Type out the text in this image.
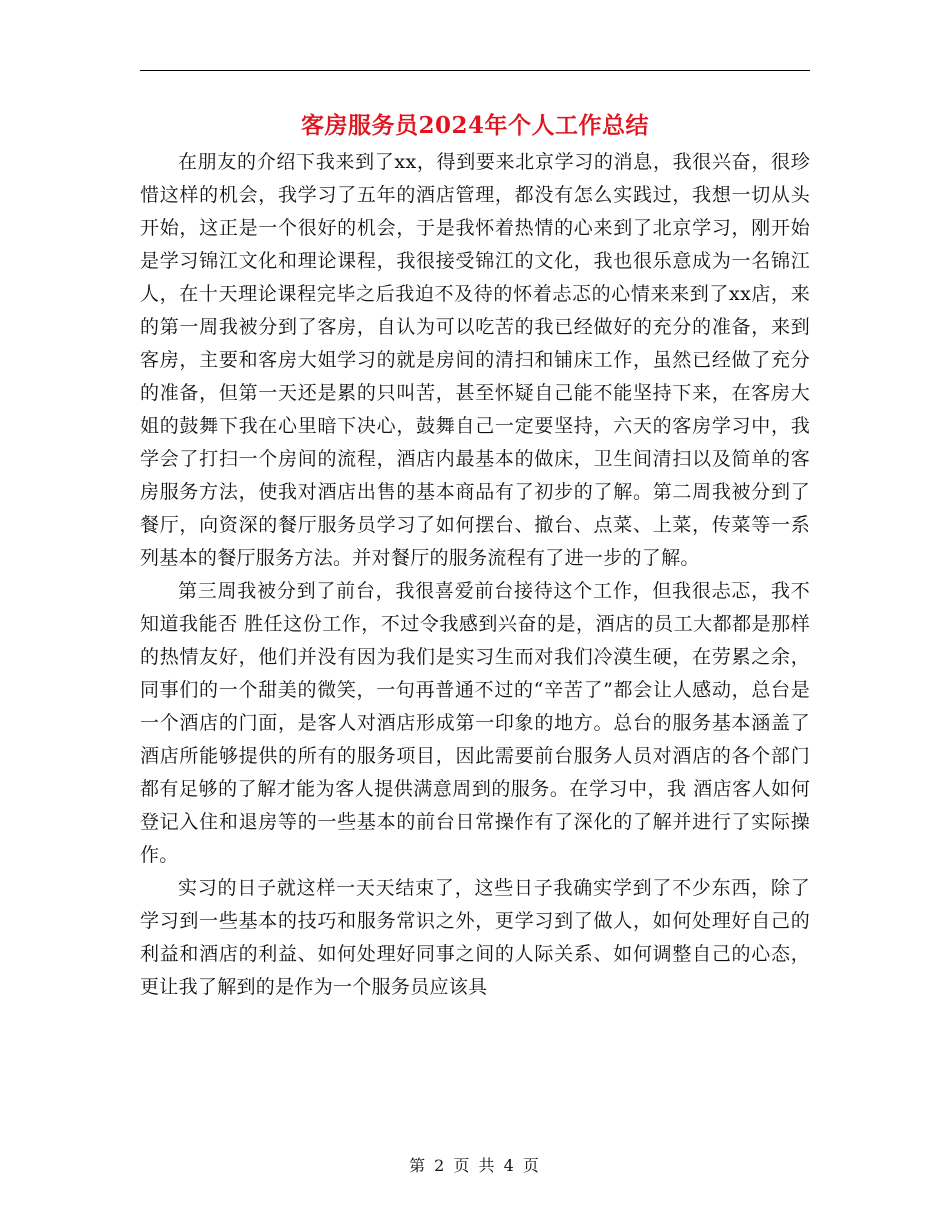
客房服务员2024年个人工作总结

在朋友的介绍下我来到了xx，得到要来北京学习的消息，我很兴奋，很珍惜这样的机会，我学习了五年的酒店管理，都没有怎么实践过，我想一切从头开始，这正是一个很好的机会，于是我怀着热情的心来到了北京学习，刚开始是学习锦江文化和理论课程，我很接受锦江的文化，我也很乐意成为一名锦江人，在十天理论课程完毕之后我迫不及待的怀着忐忑的心情来来到了xx店，来的第一周我被分到了客房，自认为可以吃苦的我已经做好的充分的准备，来到客房，主要和客房大姐学习的就是房间的清扫和铺床工作，虽然已经做了充分的准备，但第一天还是累的只叫苦，甚至怀疑自己能不能坚持下来，在客房大姐的鼓舞下我在心里暗下决心，鼓舞自己一定要坚持，六天的客房学习中，我学会了打扫一个房间的流程，酒店内最基本的做床，卫生间清扫以及简单的客房服务方法，使我对酒店出售的基本商品有了初步的了解。第二周我被分到了餐厅，向资深的餐厅服务员学习了如何摆台、撤台、点菜、上菜，传菜等一系列基本的餐厅服务方法。并对餐厅的服务流程有了进一步的了解。

第三周我被分到了前台，我很喜爱前台接待这个工作，但我很忐忑，我不知道我能否 胜任这份工作，不过令我感到兴奋的是，酒店的员工大都都是那样的热情友好，他们并没有因为我们是实习生而对我们冷漠生硬，在劳累之余，同事们的一个甜美的微笑，一句再普通不过的“辛苦了”都会让人感动，总台是一个酒店的门面，是客人对酒店形成第一印象的地方。总台的服务基本涵盖了酒店所能够提供的所有的服务项目，因此需要前台服务人员对酒店的各个部门都有足够的了解才能为客人提供满意周到的服务。在学习中，我 酒店客人如何登记入住和退房等的一些基本的前台日常操作有了深化的了解并进行了实际操作。

实习的日子就这样一天天结束了，这些日子我确实学到了不少东西，除了学习到一些基本的技巧和服务常识之外，更学习到了做人，如何处理好自己的利益和酒店的利益、如何处理好同事之间的人际关系、如何调整自己的心态，更让我了解到的是作为一个服务员应该具

第 2 页 共 4 页
